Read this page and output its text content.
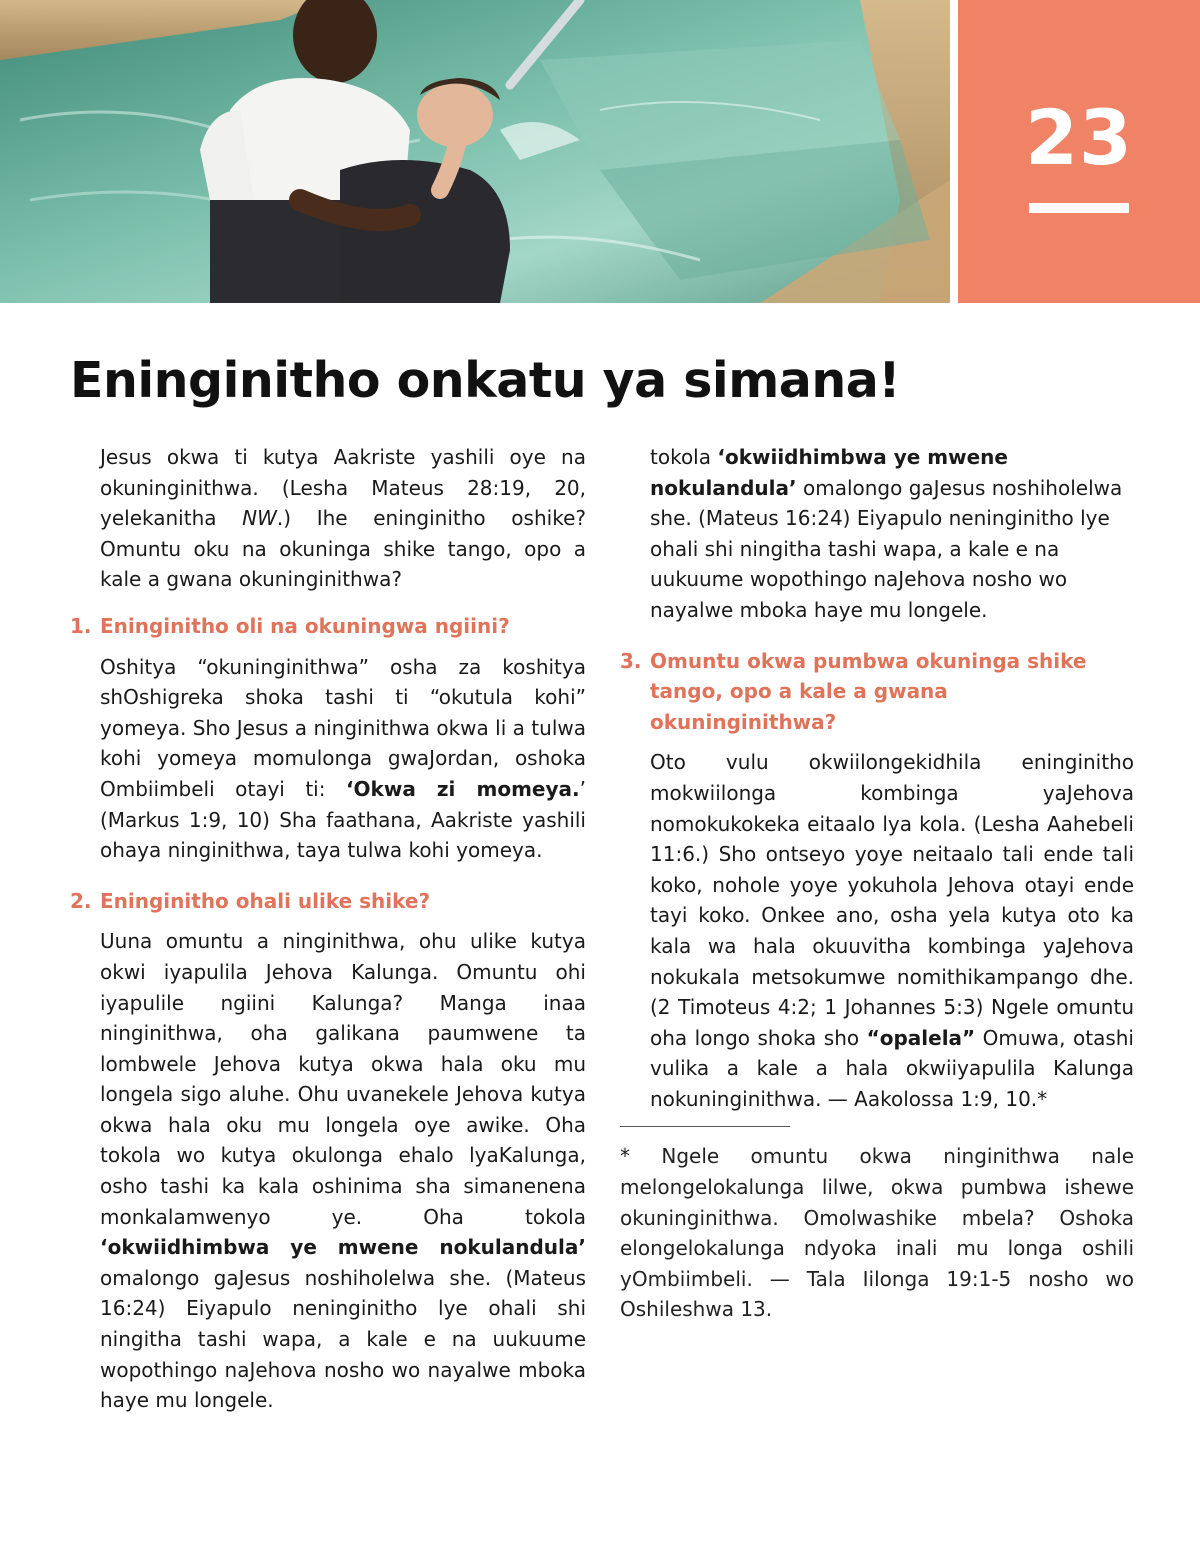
23
Eninginitho onkatu ya simana!

Jesus okwa ti kutya Aakriste yashili oye na okuninginithwa. (Lesha Mateus 28:19, 20, yelekanitha NW.) Ihe eninginitho oshike? Omuntu oku na okuninga shike tango, opo a kale a gwana okuninginithwa?

1. Eninginitho oli na okuningwa ngiini?

Oshitya “okuninginithwa” osha za koshitya shOshigreka shoka tashi ti “okutula kohi” yomeya. Sho Jesus a ninginithwa okwa li a tulwa kohi yomeya momulonga gwaJordan, oshoka Ombiimbeli otayi ti: ‘Okwa zi momeya.’ (Markus 1:9, 10) Sha faathana, Aakriste yashili ohaya ninginithwa, taya tulwa kohi yomeya.

2. Eninginitho ohali ulike shike?

Uuna omuntu a ninginithwa, ohu ulike kutya okwi iyapulila Jehova Kalunga. Omuntu ohi iyapulile ngiini Kalunga? Manga inaa ninginithwa, oha galikana paumwene ta lombwele Jehova kutya okwa hala oku mu longela sigo aluhe. Ohu uvanekele Jehova kutya okwa hala oku mu longela oye awike. Oha tokola wo kutya okulonga ehalo lyaKalunga, osho tashi ka kala oshinima sha simanenena monkalamwenyo ye. Oha tokola ‘okwiidhimbwa ye mwene nokulandula’ omalongo gaJesus noshiholelwa she. (Mateus 16:24) Eiyapulo neninginitho lye ohali shi ningitha tashi wapa, a kale e na uukuume wopothingo naJehova nosho wo nayalwe mboka haye mu longele.

tokola ‘okwiidhimbwa ye mwene nokulandula’ omalongo gaJesus noshiholelwa she. (Mateus 16:24) Eiyapulo neninginitho lye ohali shi ningitha tashi wapa, a kale e na uukuume wopothingo naJehova nosho wo nayalwe mboka haye mu longele.

3. Omuntu okwa pumbwa okuninga shike tango, opo a kale a gwana okuninginithwa?

Oto vulu okwiilongekidhila eninginitho mokwiilonga kombinga yaJehova nomokukokeka eitaalo lya kola. (Lesha Aahebeli 11:6.) Sho ontseyo yoye neitaalo tali ende tali koko, nohole yoye yokuhola Jehova otayi ende tayi koko. Onkee ano, osha yela kutya oto ka kala wa hala okuuvitha kombinga yaJehova nokukala metsokumwe nomithikampango dhe. (2 Timoteus 4:2; 1 Johannes 5:3) Ngele omuntu oha longo shoka sho “opalela” Omuwa, otashi vulika a kale a hala okwiiyapulila Kalunga nokuninginithwa. — Aakolossa 1:9, 10.*

* Ngele omuntu okwa ninginithwa nale melongelokalunga lilwe, okwa pumbwa ishewe okuninginithwa. Omolwashike mbela? Oshoka elongelokalunga ndyoka inali mu longa oshili yOmbiimbeli. — Tala Iilonga 19:1-5 nosho wo Oshileshwa 13.
